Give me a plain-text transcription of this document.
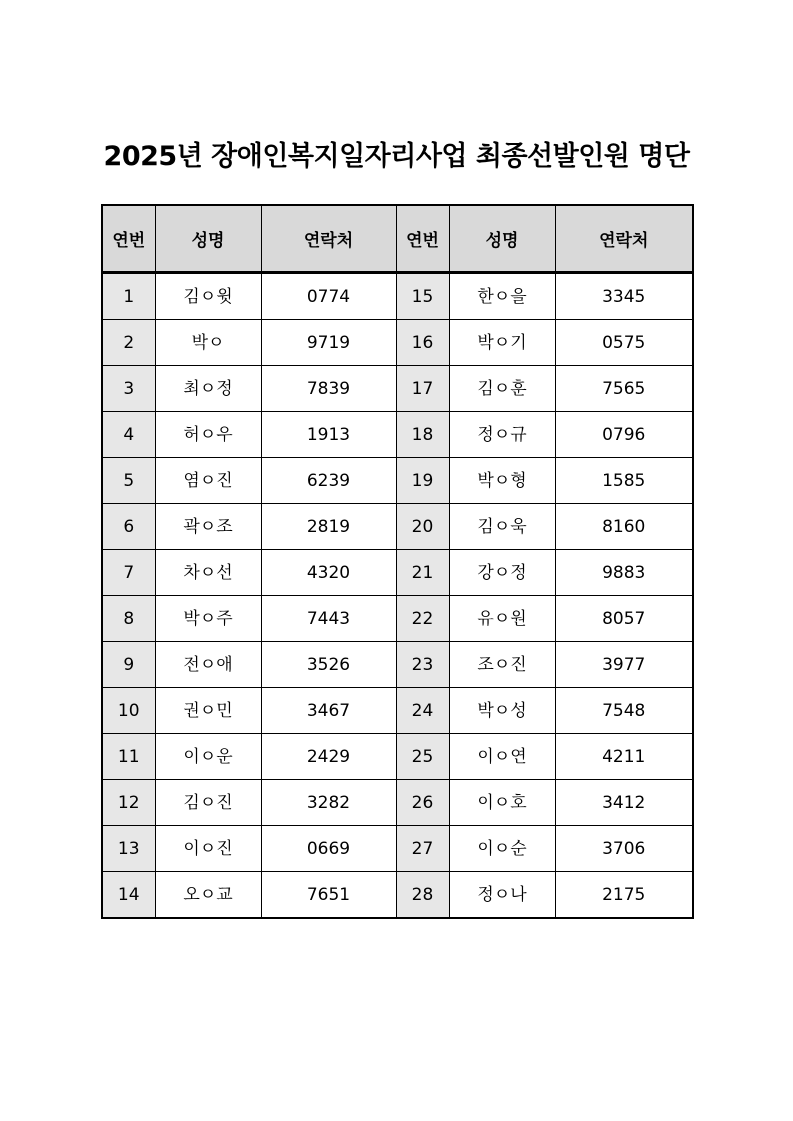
2025년 장애인복지일자리사업 최종선발인원 명단
연번	성명	연락처	연번	성명	연락처
1	김ㅇ윗	0774	15	한ㅇ을	3345
2	박ㅇ	9719	16	박ㅇ기	0575
3	최ㅇ정	7839	17	김ㅇ훈	7565
4	허ㅇ우	1913	18	정ㅇ규	0796
5	염ㅇ진	6239	19	박ㅇ형	1585
6	곽ㅇ조	2819	20	김ㅇ욱	8160
7	차ㅇ선	4320	21	강ㅇ정	9883
8	박ㅇ주	7443	22	유ㅇ원	8057
9	전ㅇ애	3526	23	조ㅇ진	3977
10	권ㅇ민	3467	24	박ㅇ성	7548
11	이ㅇ운	2429	25	이ㅇ연	4211
12	김ㅇ진	3282	26	이ㅇ호	3412
13	이ㅇ진	0669	27	이ㅇ순	3706
14	오ㅇ교	7651	28	정ㅇ나	2175
